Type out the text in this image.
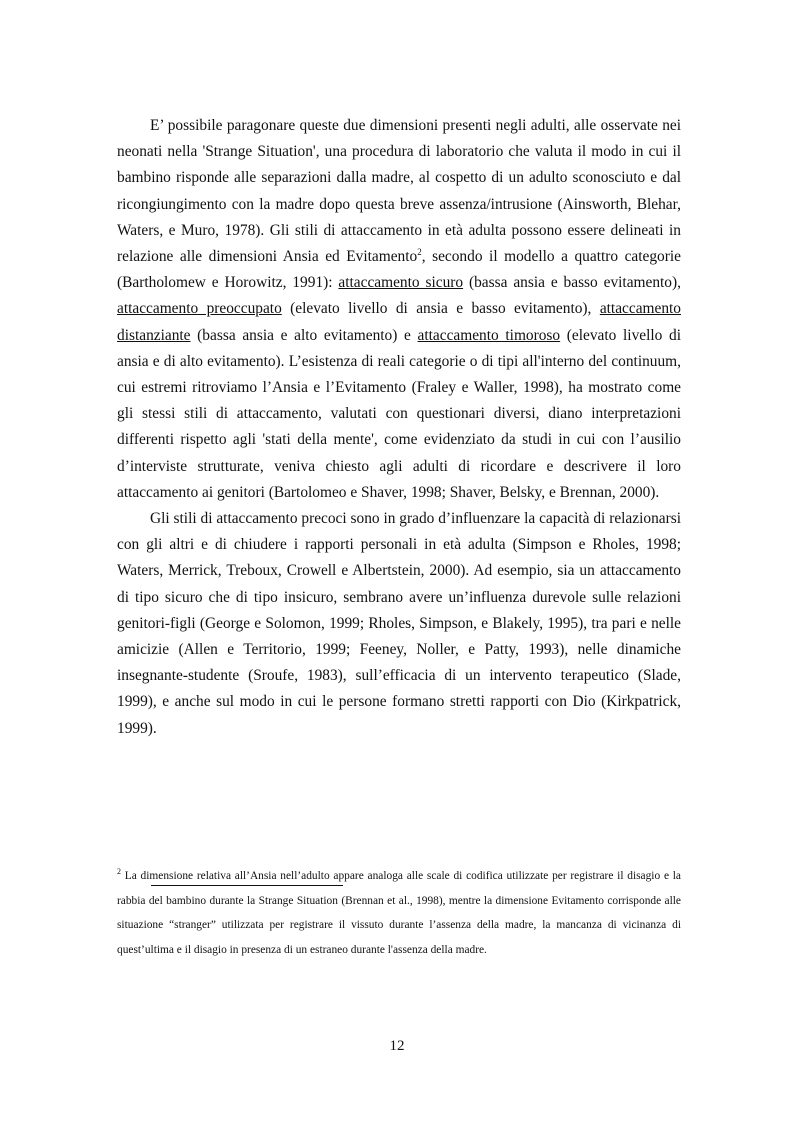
E’ possibile paragonare queste due dimensioni presenti negli adulti, alle osservate nei neonati nella 'Strange Situation', una procedura di laboratorio che valuta il modo in cui il bambino risponde alle separazioni dalla madre, al cospetto di un adulto sconosciuto e dal ricongiungimento con la madre dopo questa breve assenza/intrusione (Ainsworth, Blehar, Waters, e Muro, 1978). Gli stili di attaccamento in età adulta possono essere delineati in relazione alle dimensioni Ansia ed Evitamento$^2$, secondo il modello a quattro categorie (Bartholomew e Horowitz, 1991): attaccamento sicuro (bassa ansia e basso evitamento), attaccamento preoccupato (elevato livello di ansia e basso evitamento), attaccamento distanziante (bassa ansia e alto evitamento) e attaccamento timoroso (elevato livello di ansia e di alto evitamento). L’esistenza di reali categorie o di tipi all'interno del continuum, cui estremi ritroviamo l’Ansia e l’Evitamento (Fraley e Waller, 1998), ha mostrato come gli stessi stili di attaccamento, valutati con questionari diversi, diano interpretazioni differenti rispetto agli 'stati della mente', come evidenziato da studi in cui con l’ausilio d’interviste strutturate, veniva chiesto agli adulti di ricordare e descrivere il loro attaccamento ai genitori (Bartolomeo e Shaver, 1998; Shaver, Belsky, e Brennan, 2000).

Gli stili di attaccamento precoci sono in grado d’influenzare la capacità di relazionarsi con gli altri e di chiudere i rapporti personali in età adulta (Simpson e Rholes, 1998; Waters, Merrick, Treboux, Crowell e Albertstein, 2000). Ad esempio, sia un attaccamento di tipo sicuro che di tipo insicuro, sembrano avere un’influenza durevole sulle relazioni genitori-figli (George e Solomon, 1999; Rholes, Simpson, e Blakely, 1995), tra pari e nelle amicizie (Allen e Territorio, 1999; Feeney, Noller, e Patty, 1993), nelle dinamiche insegnante-studente (Sroufe, 1983), sull’efficacia di un intervento terapeutico (Slade, 1999), e anche sul modo in cui le persone formano stretti rapporti con Dio (Kirkpatrick, 1999).

$^2$ La dimensione relativa all’Ansia nell’adulto appare analoga alle scale di codifica utilizzate per registrare il disagio e la rabbia del bambino durante la Strange Situation (Brennan et al., 1998), mentre la dimensione Evitamento corrisponde alle situazione “stranger” utilizzata per registrare il vissuto durante l’assenza della madre, la mancanza di vicinanza di quest’ultima e il disagio in presenza di un estraneo durante l'assenza della madre.
12
